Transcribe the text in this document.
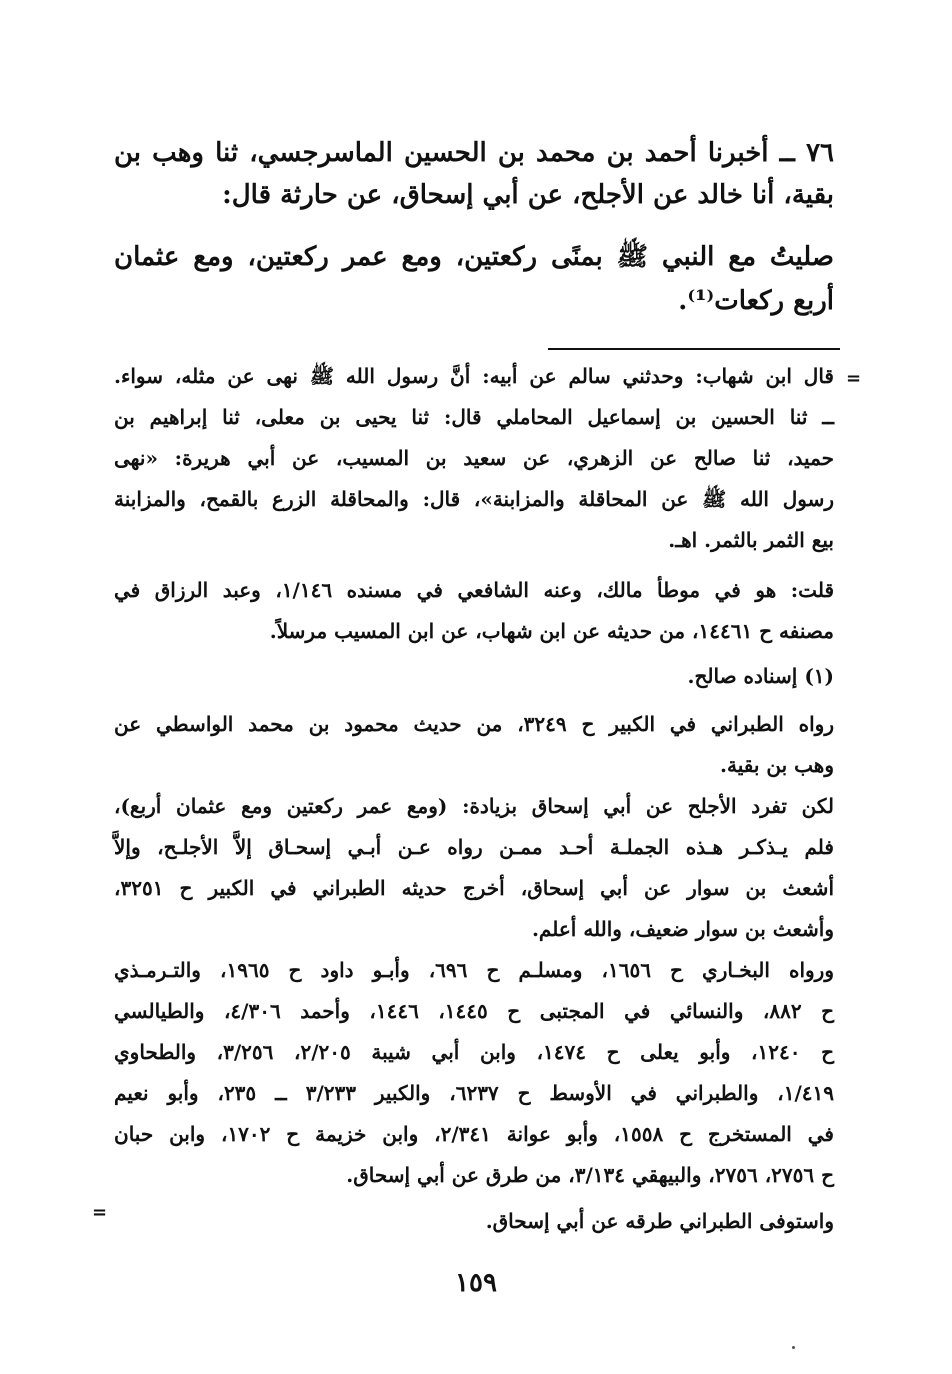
٧٦ ــ أخبرنا أحمد بن محمد بن الحسين الماسرجسي، ثنا وهب بن
بقية، أنا خالد عن الأجلح، عن أبي إسحاق، عن حارثة قال:
صليتُ مع النبي ﷺ بمنًى ركعتين، ومع عمر ركعتين، ومع عثمان
أربع ركعات⁽¹⁾.
=
قال ابن شهاب: وحدثني سالم عن أبيه: أنَّ رسول الله ﷺ نهى عن مثله، سواء.
ــ ثنا الحسين بن إسماعيل المحاملي قال: ثنا يحيى بن معلى، ثنا إبراهيم بن
حميد، ثنا صالح عن الزهري، عن سعيد بن المسيب، عن أبي هريرة: «نهى
رسول الله ﷺ عن المحاقلة والمزابنة»، قال: والمحاقلة الزرع بالقمح، والمزابنة
بيع الثمر بالثمر. اهـ.
قلت: هو في موطأ مالك، وعنه الشافعي في مسنده ١/١٤٦، وعبد الرزاق في
مصنفه ح ١٤٤٦١، من حديثه عن ابن شهاب، عن ابن المسيب مرسلاً.
(١) إسناده صالح.
رواه الطبراني في الكبير ح ٣٢٤٩، من حديث محمود بن محمد الواسطي عن
وهب بن بقية.
لكن تفرد الأجلح عن أبي إسحاق بزيادة: (ومع عمر ركعتين ومع عثمان أربع)،
فلم يـذكـر هـذه الجملـة أحـد ممـن رواه عـن أبـي إسحـاق إلاَّ الأجلـح، وإلاَّ
أشعث بن سوار عن أبي إسحاق، أخرج حديثه الطبراني في الكبير ح ٣٢٥١،
وأشعث بن سوار ضعيف، والله أعلم.
ورواه البخـاري ح ١٦٥٦، ومسلـم ح ٦٩٦، وأبـو داود ح ١٩٦٥، والتـرمـذي
ح ٨٨٢، والنسائي في المجتبى ح ١٤٤٥، ١٤٤٦، وأحمد ٤/٣٠٦، والطيالسي
ح ١٢٤٠، وأبو يعلى ح ١٤٧٤، وابن أبي شيبة ٢/٢٠٥، ٣/٢٥٦، والطحاوي
١/٤١٩، والطبراني في الأوسط ح ٦٢٣٧، والكبير ٣/٢٣٣ ــ ٢٣٥، وأبو نعيم
في المستخرج ح ١٥٥٨، وأبو عوانة ٢/٣٤١، وابن خزيمة ح ١٧٠٢، وابن حبان
ح ٢٧٥٦، ٢٧٥٦، والبيهقي ٣/١٣٤، من طرق عن أبي إسحاق.
واستوفى الطبراني طرقه عن أبي إسحاق.
=
١٥٩
